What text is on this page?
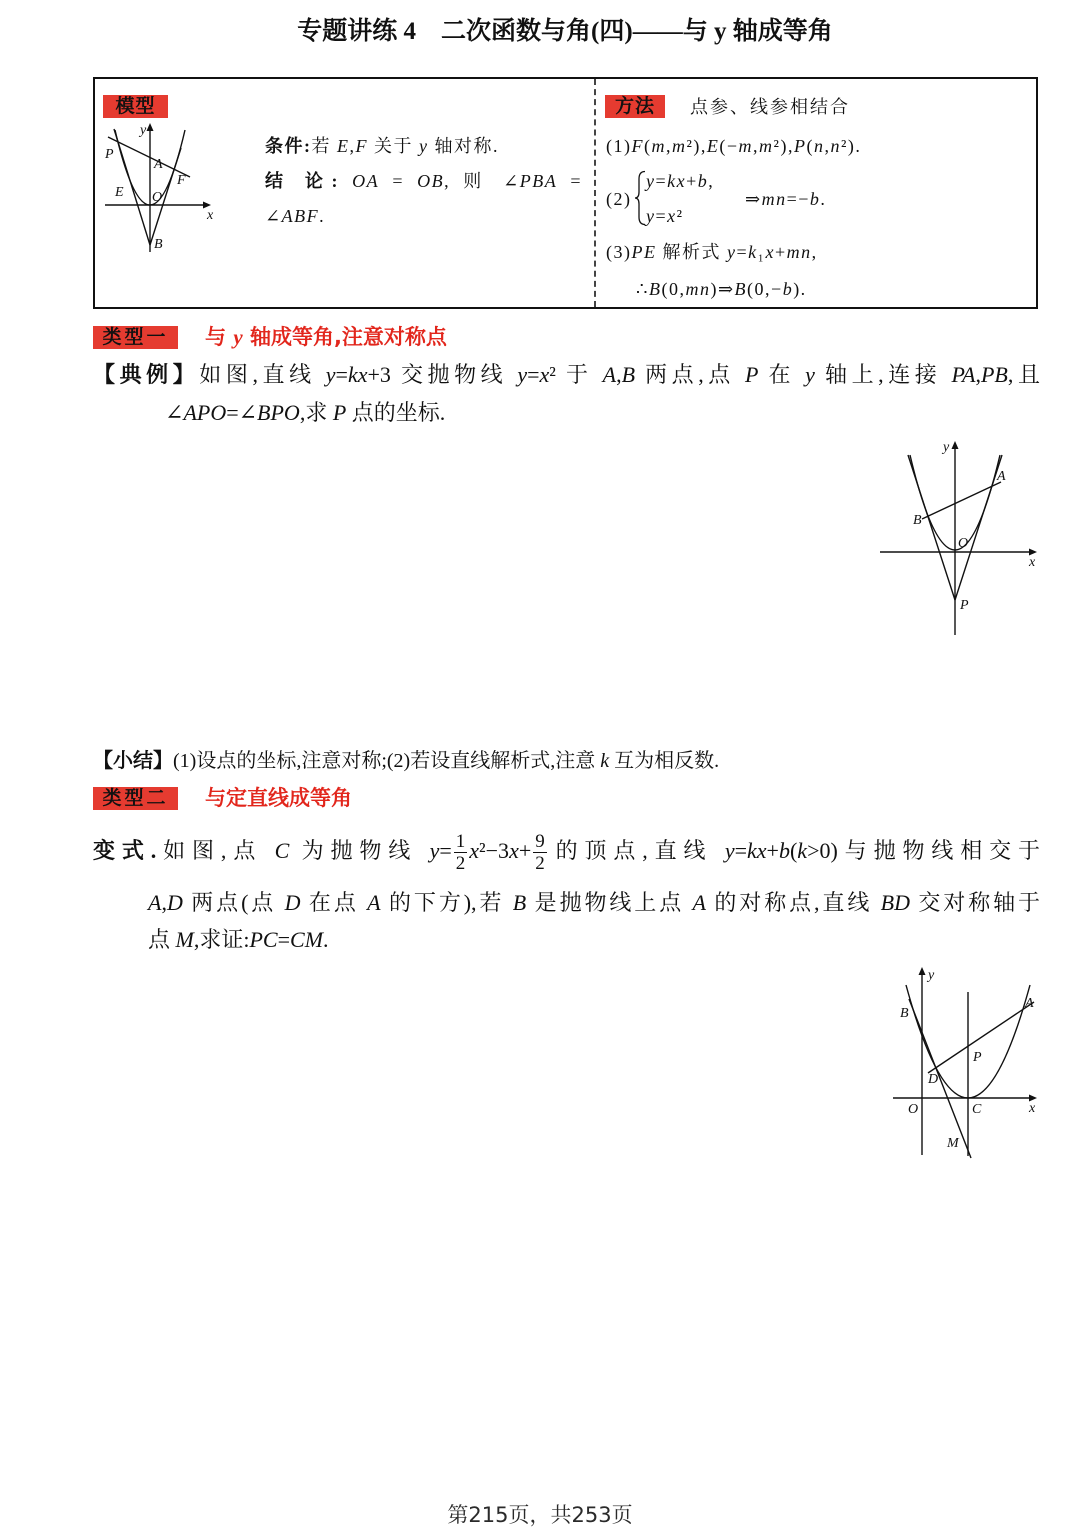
专题讲练 4　二次函数与角(四)——与 y 轴成等角
模型
y
x
P
A
F
E O
B
条件:若 E,F 关于 y 轴对称.
结 论: OA = OB, 则 ∠PBA =
∠ABF.
方法	点参、线参相结合
(1)F(m,m²),E(−m,m²),P(n,n²).
(2)
y=kx+b,
y=x²
⇒mn=−b.
(3)PE 解析式 y=k₁x+mn,
∴B(0,mn)⇒B(0,−b).
类型一	与 y 轴成等角,注意对称点
【典例】如图,直线 y=kx+3 交抛物线 y=x² 于 A,B 两点,点 P 在 y 轴上,连接 PA,PB,且
∠APO=∠BPO,求 P 点的坐标.
y
x
A
B
O
P
【小结】(1)设点的坐标,注意对称;(2)若设直线解析式,注意 k 互为相反数.
类型二	与定直线成等角
变式.如图,点 C 为抛物线 $y= \frac{1}{2} x^2-3x+ \frac{9}{2}$ 的顶点,直线 y=kx+b(k>0)与抛物线相交于
A,D 两点(点 D 在点 A 的下方),若 B 是抛物线上点 A 的对称点,直线 BD 交对称轴于
点 M,求证:PC=CM.
y
x
B
A
P
D
O	C
M
第215页，共253页
